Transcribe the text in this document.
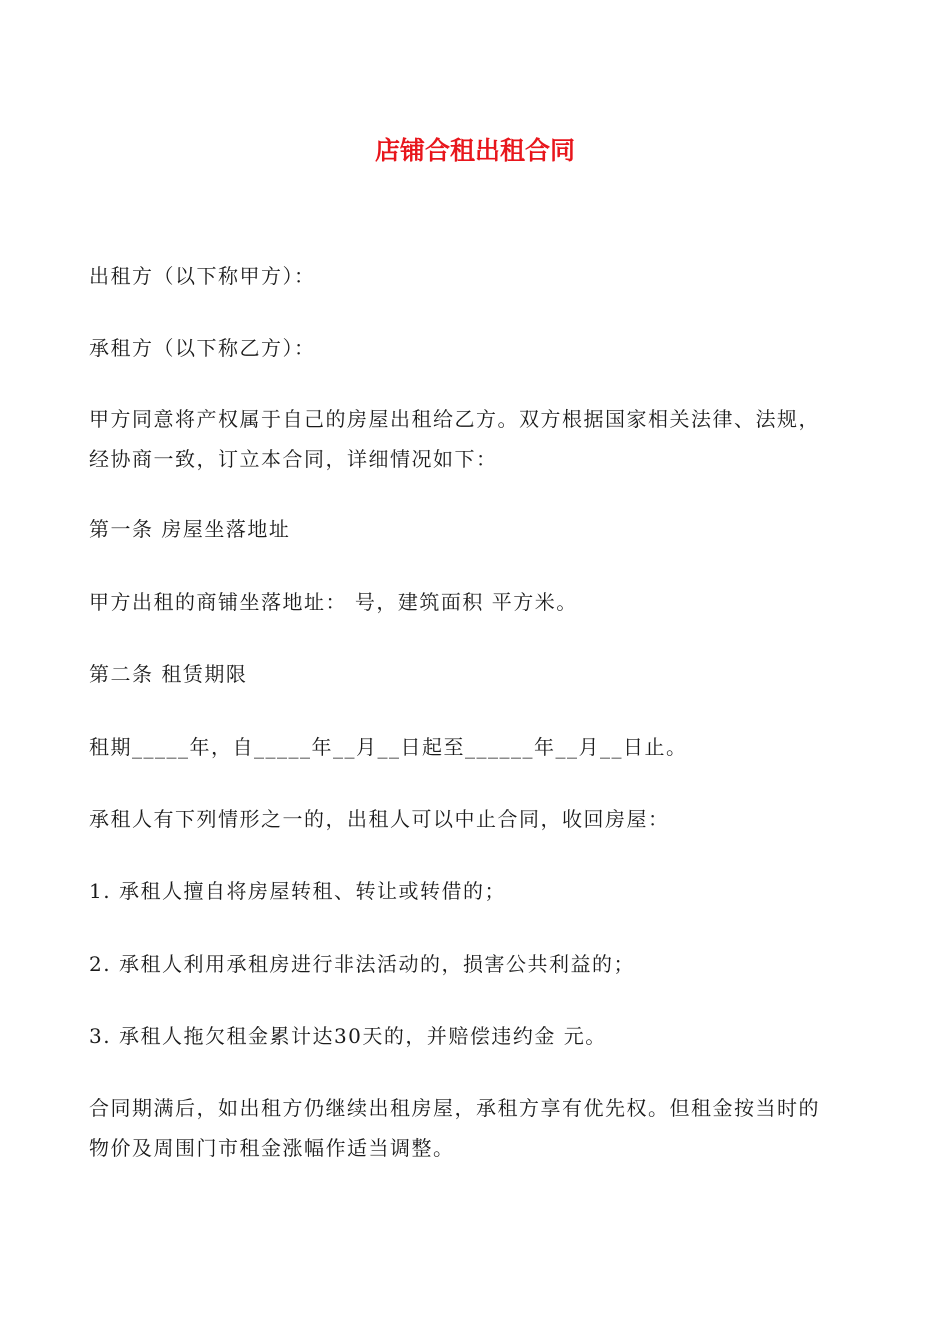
店铺合租出租合同

出租方（以下称甲方）：

承租方（以下称乙方）：

甲方同意将产权属于自己的房屋出租给乙方。双方根据国家相关法律、法规，
经协商一致，订立本合同，详细情况如下：

第一条 房屋坐落地址

甲方出租的商铺坐落地址： 号，建筑面积 平方米。

第二条 租赁期限

租期_____年，自_____年__月__日起至______年__月__日止。

承租人有下列情形之一的，出租人可以中止合同，收回房屋：

1. 承租人擅自将房屋转租、转让或转借的；

2. 承租人利用承租房进行非法活动的，损害公共利益的；

3. 承租人拖欠租金累计达30天的，并赔偿违约金 元。

合同期满后，如出租方仍继续出租房屋，承租方享有优先权。但租金按当时的
物价及周围门市租金涨幅作适当调整。
